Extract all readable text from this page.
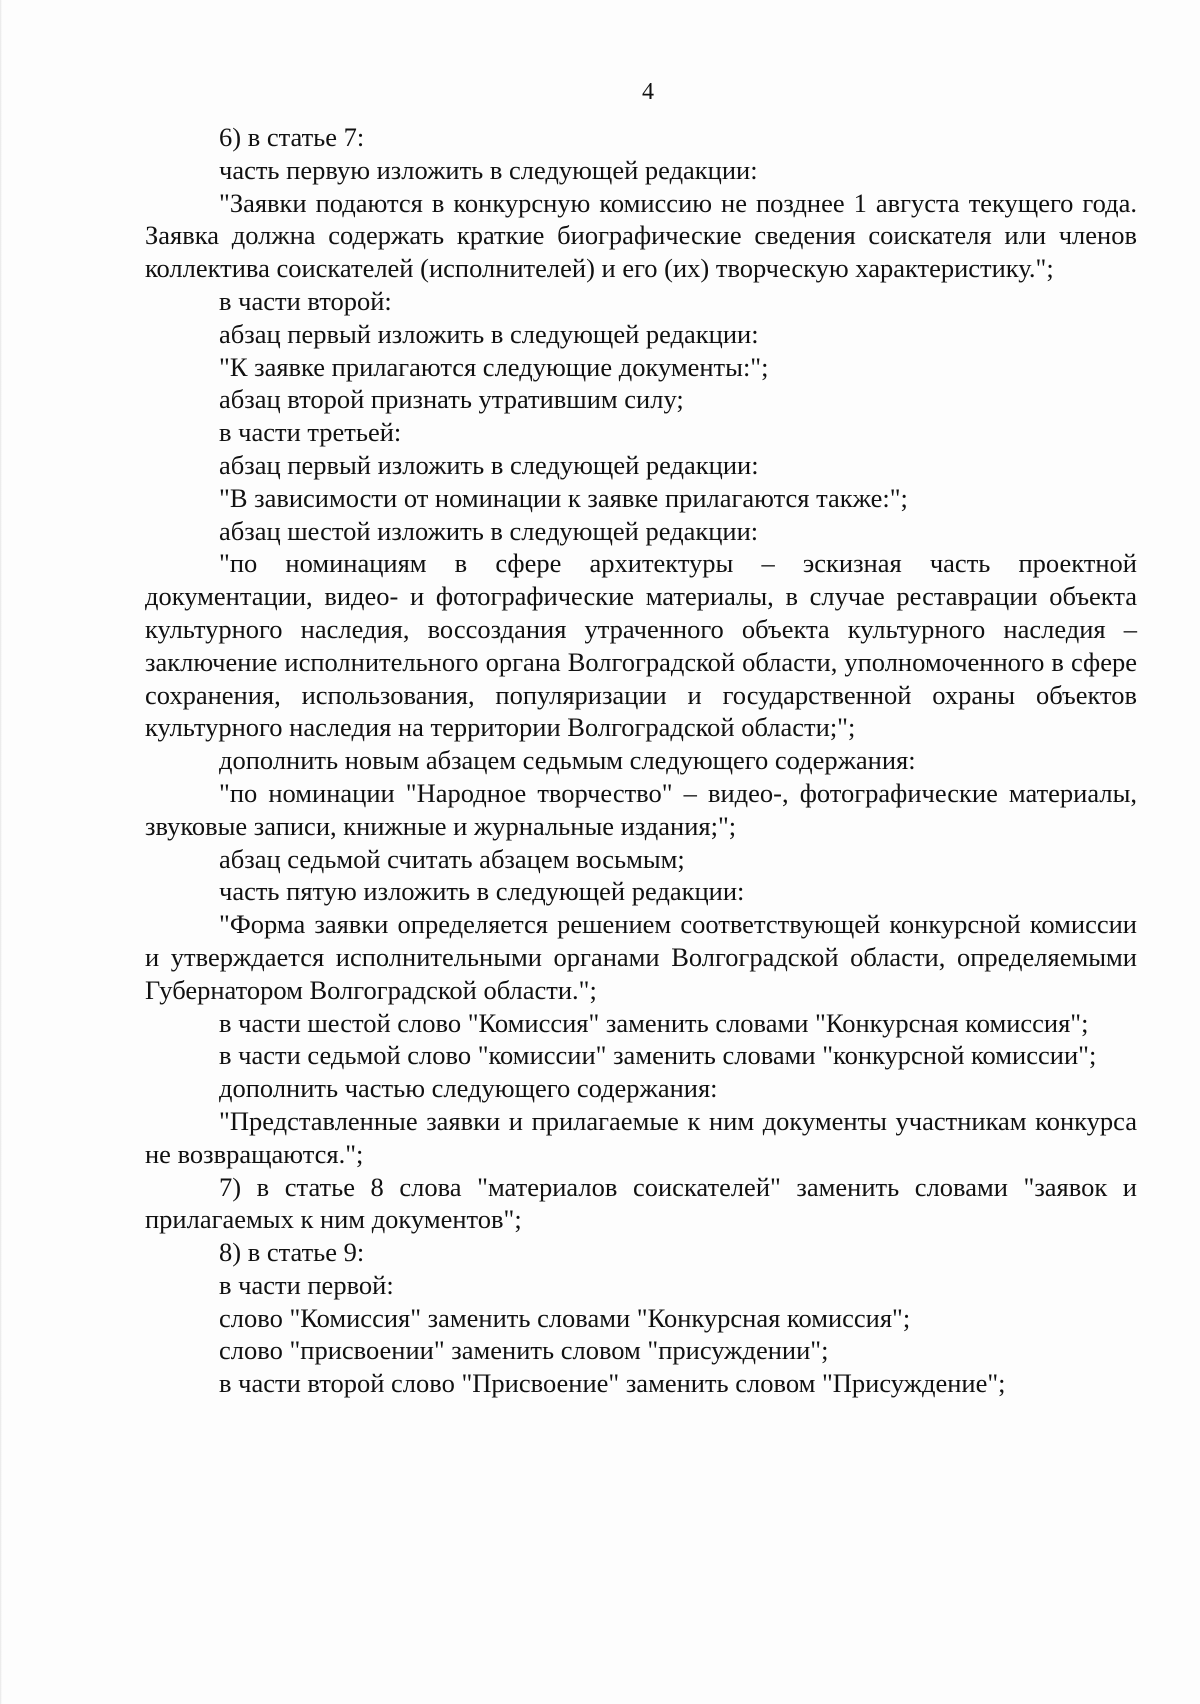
4

6) в статье 7:

часть первую изложить в следующей редакции:

"Заявки подаются в конкурсную комиссию не позднее 1 августа текущего года. Заявка должна содержать краткие биографические сведения соискателя или членов коллектива соискателей (исполнителей) и его (их) творческую характеристику.";

в части второй:

абзац первый изложить в следующей редакции:

"К заявке прилагаются следующие документы:";

абзац второй признать утратившим силу;

в части третьей:

абзац первый изложить в следующей редакции:

"В зависимости от номинации к заявке прилагаются также:";

абзац шестой изложить в следующей редакции:

"по номинациям в сфере архитектуры – эскизная часть проектной документации, видео- и фотографические материалы, в случае реставрации объекта культурного наследия, воссоздания утраченного объекта культурного наследия – заключение исполнительного органа Волгоградской области, уполномоченного в сфере сохранения, использования, популяризации и государственной охраны объектов культурного наследия на территории Волгоградской области;";

дополнить новым абзацем седьмым следующего содержания:

"по номинации "Народное творчество" – видео-, фотографические материалы, звуковые записи, книжные и журнальные издания;";

абзац седьмой считать абзацем восьмым;

часть пятую изложить в следующей редакции:

"Форма заявки определяется решением соответствующей конкурсной комиссии и утверждается исполнительными органами Волгоградской области, определяемыми Губернатором Волгоградской области.";

в части шестой слово "Комиссия" заменить словами "Конкурсная комиссия";

в части седьмой слово "комиссии" заменить словами "конкурсной комиссии";

дополнить частью следующего содержания:

"Представленные заявки и прилагаемые к ним документы участникам конкурса не возвращаются.";

7) в статье 8 слова "материалов соискателей" заменить словами "заявок и прилагаемых к ним документов";

8) в статье 9:

в части первой:

слово "Комиссия" заменить словами "Конкурсная комиссия";

слово "присвоении" заменить словом "присуждении";

в части второй слово "Присвоение" заменить словом "Присуждение";
